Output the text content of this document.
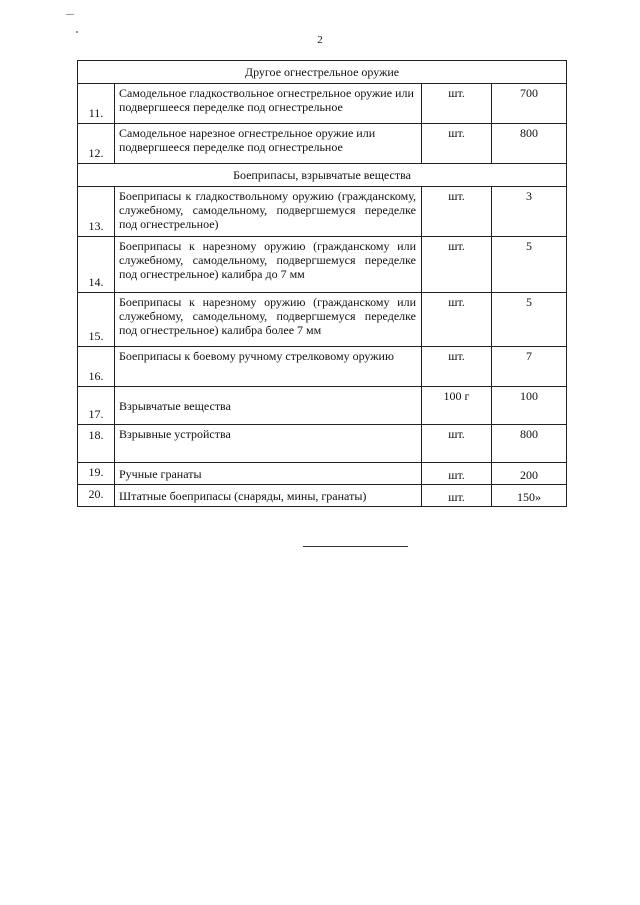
2
Другое огнестрельное оружие			
11.	Самодельное гладкоствольное огнестрельное оружие или подвергшееся переделке под огнестрельное	шт.	700
12.	Самодельное нарезное огнестрельное оружие или подвергшееся переделке под огнестрельное	шт.	800
Боеприпасы, взрывчатые вещества			
13.	Боеприпасы к гладкоствольному оружию (гражданскому, служебному, самодельному, подвергшемуся переделке под огнестрельное)	шт.	3
14.	Боеприпасы к нарезному оружию (гражданскому или служебному, самодельному, подвергшемуся переделке под огнестрельное) калибра до 7 мм	шт.	5
15.	Боеприпасы к нарезному оружию (гражданскому или служебному, самодельному, подвергшемуся переделке под огнестрельное) калибра более 7 мм	шт.	5
16.	Боеприпасы к боевому ручному стрелковому оружию	шт.	7
17.	Взрывчатые вещества	100 г	100
18.	Взрывные устройства	шт.	800
19.	Ручные гранаты	шт.	200
20.	Штатные боеприпасы (снаряды, мины, гранаты)	шт.	150»
